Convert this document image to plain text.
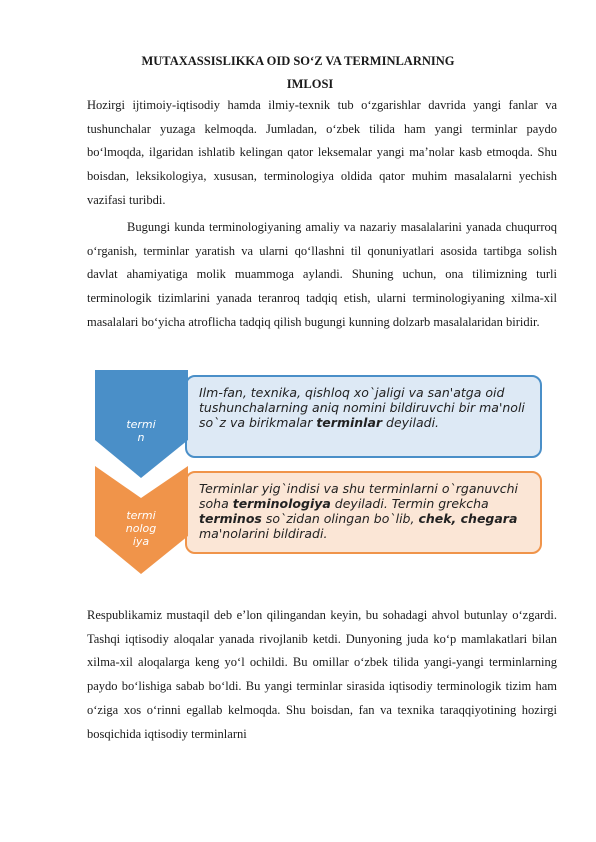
MUTAXASSISLIKKA OID SO‘Z VA TERMINLARNING
IMLOSI

Hozirgi ijtimoiy-iqtisodiy hamda ilmiy-texnik tub o‘zgarishlar davrida yangi fanlar va tushunchalar yuzaga kelmoqda. Jumladan, o‘zbek tilida ham yangi terminlar paydo bo‘lmoqda, ilgaridan ishlatib kelingan qator leksemalar yangi ma’nolar kasb etmoqda. Shu boisdan, leksikologiya, xususan, terminologiya oldida qator muhim masalalarni yechish vazifasi turibdi.

Bugungi kunda terminologiyaning amaliy va nazariy masalalarini yanada chuqurroq o‘rganish, terminlar yaratish va ularni qo‘llashni til qonuniyatlari asosida tartibga solish davlat ahamiyatiga molik muammoga aylandi. Shuning uchun, ona tilimizning turli terminologik tizimlarini yanada teranroq tadqiq etish, ularni terminologiyaning xilma-xil masalalari bo‘yicha atroflicha tadqiq qilish bugungi kunning dolzarb masalalaridan biridir.

Ilm-fan, texnika, qishloq xo`jaligi va san'atga oid tushunchalarning aniq nomini bildiruvchi bir ma'noli so`z va birikmalar terminlar deyiladi.
termi
n
Terminlar yig`indisi va shu terminlarni o`rganuvchi soha terminologiya deyiladi. Termin grekcha terminos so`zidan olingan bo`lib, chek, chegara ma'nolarini bildiradi.
termi
nolog
iya

Respublikamiz mustaqil deb e’lon qilingandan keyin, bu sohadagi ahvol butunlay o‘zgardi. Tashqi iqtisodiy aloqalar yanada rivojlanib ketdi. Dunyoning juda ko‘p mamlakatlari bilan xilma-xil aloqalarga keng yo‘l ochildi. Bu omillar o‘zbek tilida yangi-yangi terminlarning paydo bo‘lishiga sabab bo‘ldi. Bu yangi terminlar sirasida iqtisodiy terminologik tizim ham o‘ziga xos o‘rinni egallab kelmoqda. Shu boisdan, fan va texnika taraqqiyotining hozirgi bosqichida iqtisodiy terminlarni
